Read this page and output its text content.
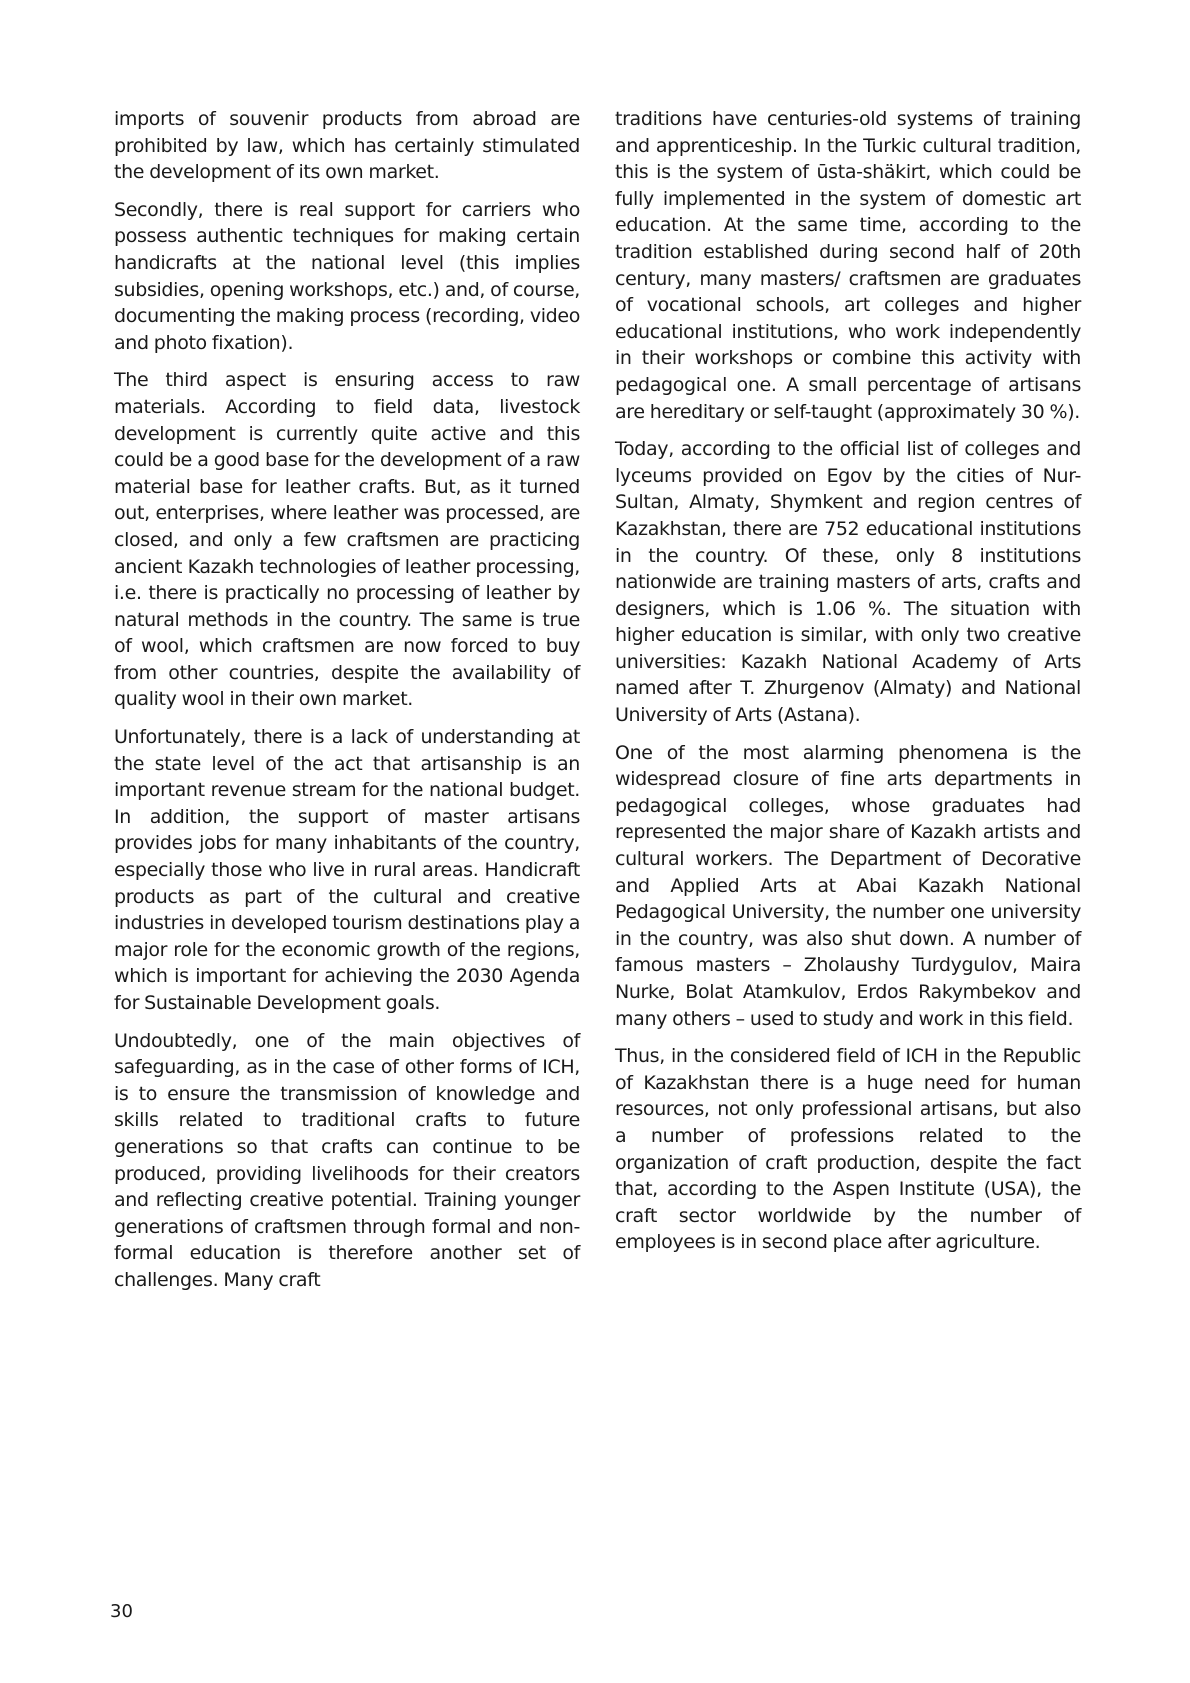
imports of souvenir products from abroad are prohibited by law, which has certainly stimulated the development of its own market.

Secondly, there is real support for carriers who possess authentic techniques for making certain handicrafts at the national level (this implies subsidies, opening workshops, etc.) and, of course, documenting the making process (recording, video and photo fixation).

The third aspect is ensuring access to raw materials. According to field data, livestock development is currently quite active and this could be a good base for the development of a raw material base for leather crafts. But, as it turned out, enterprises, where leather was processed, are closed, and only a few craftsmen are practicing ancient Kazakh technologies of leather processing, i.e. there is practically no processing of leather by natural methods in the country. The same is true of wool, which craftsmen are now forced to buy from other countries, despite the availability of quality wool in their own market.

Unfortunately, there is a lack of understanding at the state level of the act that artisanship is an important revenue stream for the national budget. In addition, the support of master artisans provides jobs for many inhabitants of the country, especially those who live in rural areas. Handicraft products as part of the cultural and creative industries in developed tourism destinations play a major role for the economic growth of the regions, which is important for achieving the 2030 Agenda for Sustainable Development goals.

Undoubtedly, one of the main objectives of safeguarding, as in the case of other forms of ICH, is to ensure the transmission of knowledge and skills related to traditional crafts to future generations so that crafts can continue to be produced, providing livelihoods for their creators and reflecting creative potential. Training younger generations of craftsmen through formal and non-formal education is therefore another set of challenges. Many craft

traditions have centuries-old systems of training and apprenticeship. In the Turkic cultural tradition, this is the system of ūsta-shäkirt, which could be fully implemented in the system of domestic art education. At the same time, according to the tradition established during second half of 20th century, many masters/ craftsmen are graduates of vocational schools, art colleges and higher educational institutions, who work independently in their workshops or combine this activity with pedagogical one. A small percentage of artisans are hereditary or self-taught (approximately 30 %).

Today, according to the official list of colleges and lyceums provided on Egov by the cities of Nur-Sultan, Almaty, Shymkent and region centres of Kazakhstan, there are 752 educational institutions in the country. Of these, only 8 institutions nationwide are training masters of arts, crafts and designers, which is 1.06 %. The situation with higher education is similar, with only two creative universities: Kazakh National Academy of Arts named after T. Zhurgenov (Almaty) and National University of Arts (Astana).

One of the most alarming phenomena is the widespread closure of fine arts departments in pedagogical colleges, whose graduates had represented the major share of Kazakh artists and cultural workers. The Department of Decorative and Applied Arts at Abai Kazakh National Pedagogical University, the number one university in the country, was also shut down. A number of famous masters – Zholaushy Turdygulov, Maira Nurke, Bolat Atamkulov, Erdos Rakymbekov and many others – used to study and work in this field.

Thus, in the considered field of ICH in the Republic of Kazakhstan there is a huge need for human resources, not only professional artisans, but also a number of professions related to the organization of craft production, despite the fact that, according to the Aspen Institute (USA), the craft sector worldwide by the number of employees is in second place after agriculture.

30
